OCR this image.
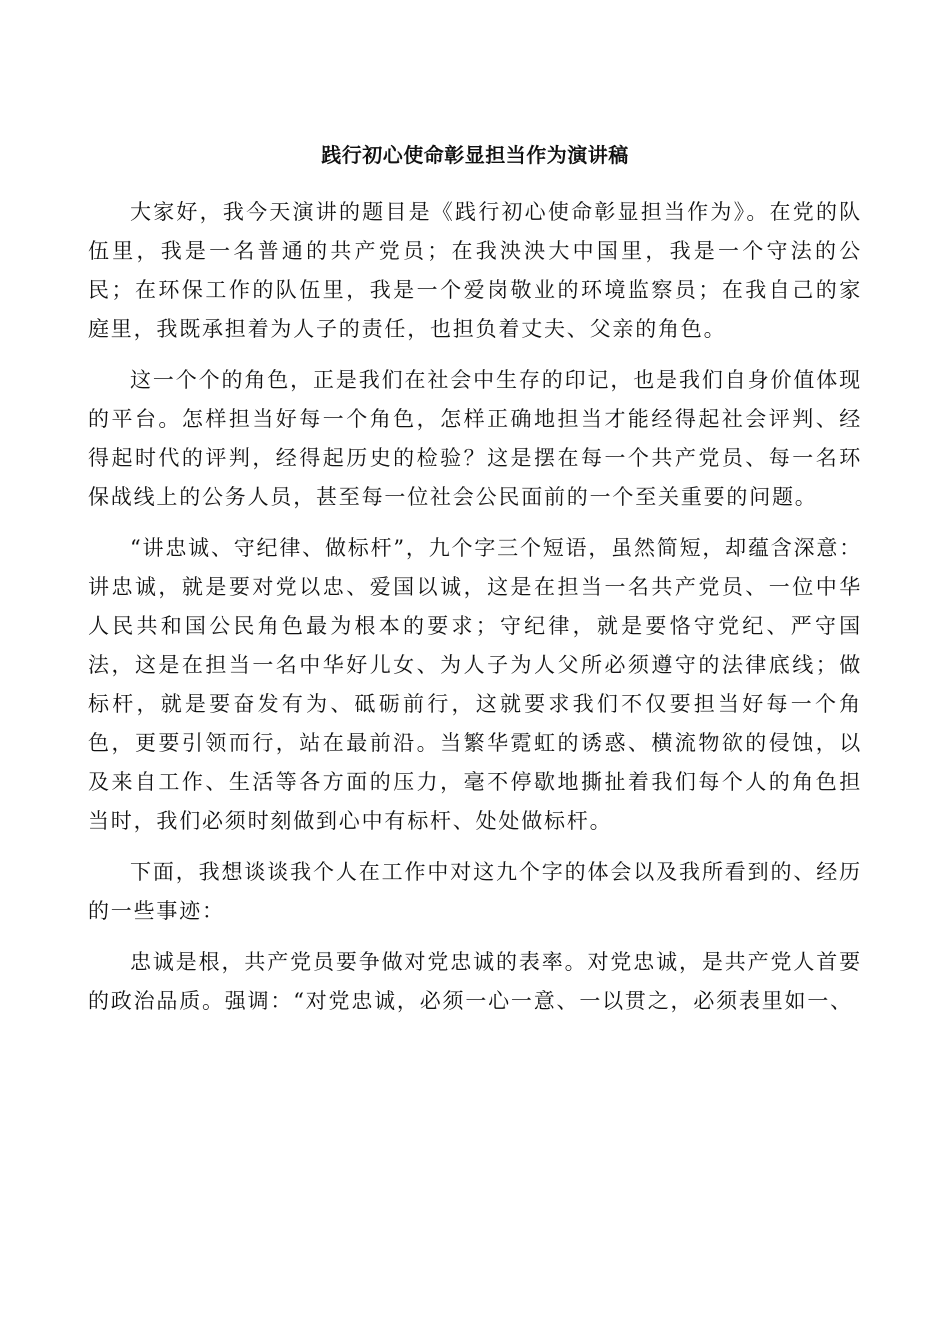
践行初心使命彰显担当作为演讲稿

大家好，我今天演讲的题目是《践行初心使命彰显担当作为》。在党的队伍里，我是一名普通的共产党员；在我泱泱大中国里，我是一个守法的公民；在环保工作的队伍里，我是一个爱岗敬业的环境监察员；在我自己的家庭里，我既承担着为人子的责任，也担负着丈夫、父亲的角色。

这一个个的角色，正是我们在社会中生存的印记，也是我们自身价值体现的平台。怎样担当好每一个角色，怎样正确地担当才能经得起社会评判、经得起时代的评判，经得起历史的检验？这是摆在每一个共产党员、每一名环保战线上的公务人员，甚至每一位社会公民面前的一个至关重要的问题。

“讲忠诚、守纪律、做标杆”，九个字三个短语，虽然简短，却蕴含深意：讲忠诚，就是要对党以忠、爱国以诚，这是在担当一名共产党员、一位中华人民共和国公民角色最为根本的要求；守纪律，就是要恪守党纪、严守国法，这是在担当一名中华好儿女、为人子为人父所必须遵守的法律底线；做标杆，就是要奋发有为、砥砺前行，这就要求我们不仅要担当好每一个角色，更要引领而行，站在最前沿。当繁华霓虹的诱惑、横流物欲的侵蚀，以及来自工作、生活等各方面的压力，毫不停歇地撕扯着我们每个人的角色担当时，我们必须时刻做到心中有标杆、处处做标杆。

下面，我想谈谈我个人在工作中对这九个字的体会以及我所看到的、经历的一些事迹：

忠诚是根，共产党员要争做对党忠诚的表率。对党忠诚，是共产党人首要的政治品质。强调：“对党忠诚，必须一心一意、一以贯之，必须表里如一、
